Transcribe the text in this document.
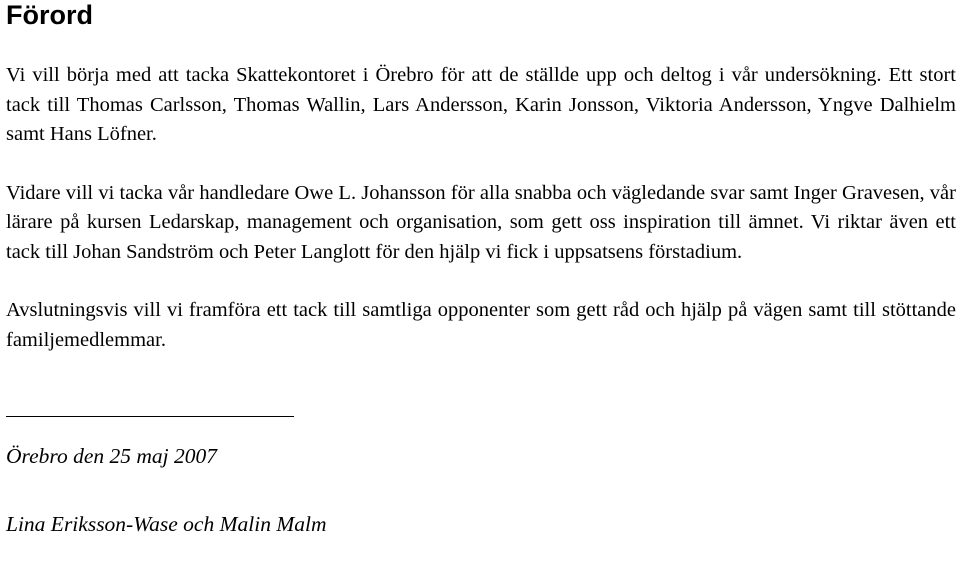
Förord

Vi vill börja med att tacka Skattekontoret i Örebro för att de ställde upp och deltog i vår undersökning. Ett stort tack till Thomas Carlsson, Thomas Wallin, Lars Andersson, Karin Jonsson, Viktoria Andersson, Yngve Dalhielm samt Hans Löfner.

Vidare vill vi tacka vår handledare Owe L. Johansson för alla snabba och vägledande svar samt Inger Gravesen, vår lärare på kursen Ledarskap, management och organisation, som gett oss inspiration till ämnet. Vi riktar även ett tack till Johan Sandström och Peter Langlott för den hjälp vi fick i uppsatsens förstadium.

Avslutningsvis vill vi framföra ett tack till samtliga opponenter som gett råd och hjälp på vägen samt till stöttande familjemedlemmar.

Örebro den 25 maj 2007

Lina Eriksson-Wase och Malin Malm
